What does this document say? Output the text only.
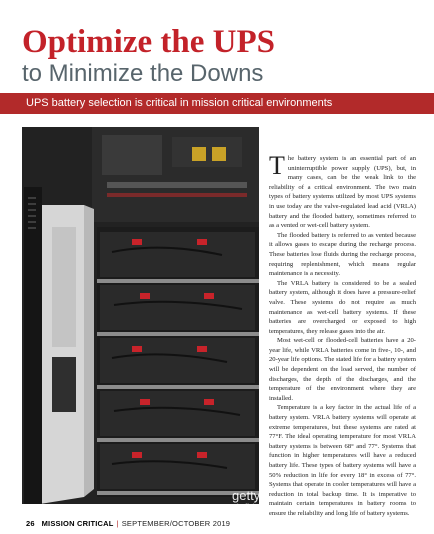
Optimize the UPS
to Minimize the Downs
UPS battery selection is critical in mission critical environments
gettyimages
Rbuffalophoto

The battery system is an essential part of an uninterruptible power supply (UPS), but, in many cases, can be the weak link to the reliability of a critical environment. The two main types of battery systems utilized by most UPS systems in use today are the valve-regulated lead acid (VRLA) battery and the flooded battery, sometimes referred to as a vented or wet-cell battery system.

The flooded battery is referred to as vented because it allows gases to escape during the recharge process. These batteries lose fluids during the recharge process, requiring replenishment, which means regular maintenance is a necessity.

The VRLA battery is considered to be a sealed battery system, although it does have a pressure-relief valve. These systems do not require as much maintenance as wet-cell battery systems. If these batteries are overcharged or exposed to high temperatures, they release gases into the air.

Most wet-cell or flooded-cell batteries have a 20-year life, while VRLA batteries come in five-, 10-, and 20-year life options. The stated life for a battery system will be dependent on the load served, the number of discharges, the depth of the discharges, and the temperature of the environment where they are installed.

Temperature is a key factor in the actual life of a battery system. VRLA battery systems will operate at extreme temperatures, but these systems are rated at 77°F. The ideal operating temperature for most VRLA battery systems is between 68° and 77°. Systems that function in higher temperatures will have a reduced battery life. These types of battery systems will have a 50% reduction in life for every 18° in excess of 77°. Systems that operate in cooler temperatures will have a reduction in total backup time. It is imperative to maintain certain temperatures in battery rooms to ensure the reliability and long life of battery systems.

26 MISSION CRITICAL | SEPTEMBER/OCTOBER 2019
